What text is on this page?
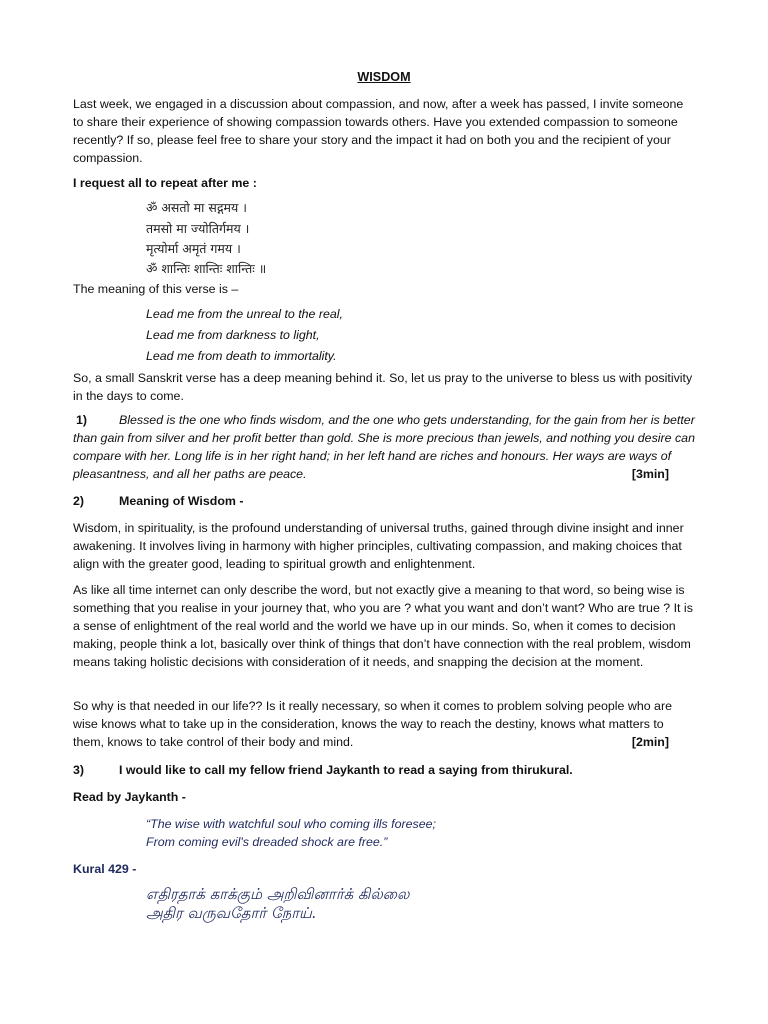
WISDOM

Last week, we engaged in a discussion about compassion, and now, after a week has passed, I invite someone to share their experience of showing compassion towards others. Have you extended compassion to someone recently? If so, please feel free to share your story and the impact it had on both you and the recipient of your compassion.

I request all to repeat after me :

ॐ असतो मा सद्गमय ।

तमसो मा ज्योतिर्गमय ।

मृत्योर्मा अमृतं गमय ।

ॐ शान्तिः शान्तिः शान्तिः ॥

The meaning of this verse is –

Lead me from the unreal to the real,

Lead me from darkness to light,

Lead me from death to immortality.

So, a small Sanskrit verse has a deep meaning behind it. So, let us pray to the universe to bless us with positivity in the days to come.

1)	Blessed is the one who finds wisdom, and the one who gets understanding, for the gain from her is better than gain from silver and her profit better than gold. She is more precious than jewels, and nothing you desire can compare with her. Long life is in her right hand; in her left hand are riches and honours. Her ways are ways of pleasantness, and all her paths are peace.	[3min]
2)	Meaning of Wisdom -

Wisdom, in spirituality, is the profound understanding of universal truths, gained through divine insight and inner awakening. It involves living in harmony with higher principles, cultivating compassion, and making choices that align with the greater good, leading to spiritual growth and enlightenment.

As like all time internet can only describe the word, but not exactly give a meaning to that word, so being wise is something that you realise in your journey that, who you are ? what you want and don’t want? Who are true ? It is a sense of enlightment of the real world and the world we have up in our minds. So, when it comes to decision making, people think a lot, basically over think of things that don’t have connection with the real problem, wisdom means taking holistic decisions with consideration of it needs, and snapping the decision at the moment.

So why is that needed in our life?? Is it really necessary, so when it comes to problem solving people who are wise knows what to take up in the consideration, knows the way to reach the destiny, knows what matters to them, knows to take control of their body and mind.	[2min]
3)	I would like to call my fellow friend Jaykanth to read a saying from thirukural.

Read by Jaykanth -

“The wise with watchful soul who coming ills foresee;

From coming evil's dreaded shock are free.”

Kural 429 -

எதிரதாக் காக்கும் அறிவினார்க் கில்லை

அதிர வருவதோர் நோய்.
